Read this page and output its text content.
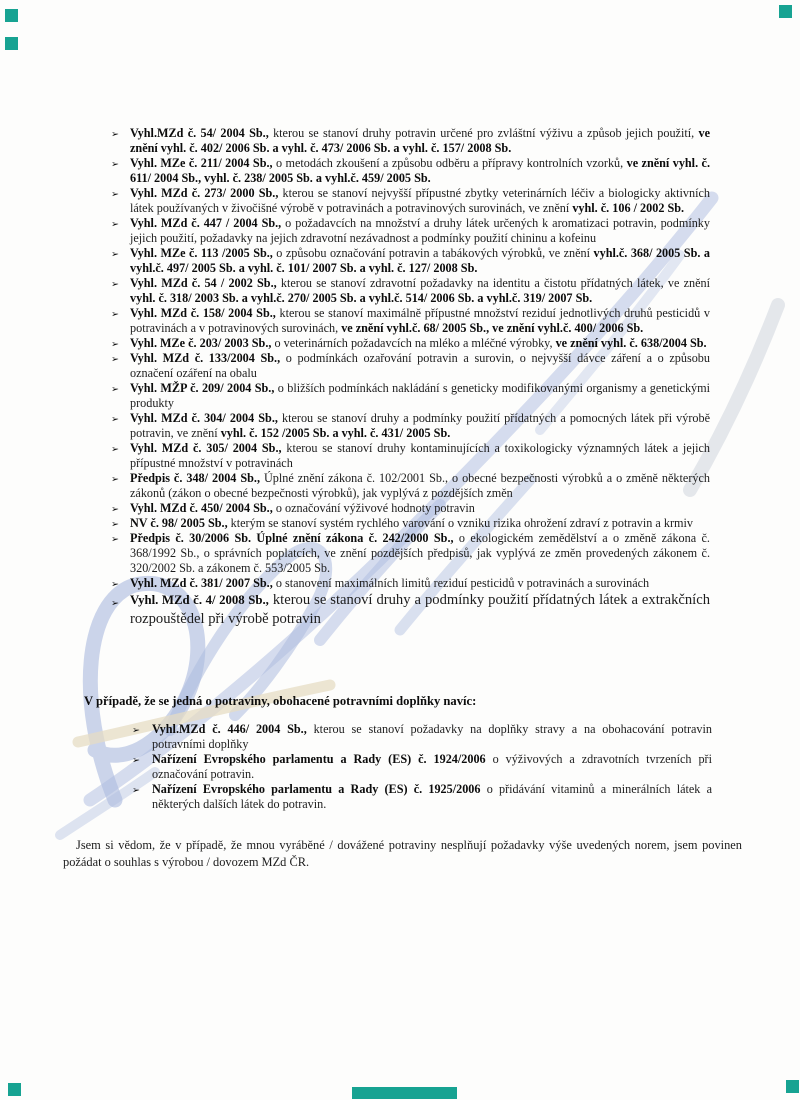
➢ Vyhl.MZd č. 54/ 2004 Sb., kterou se stanoví druhy potravin určené pro zvláštní výživu a způsob jejich použití, ve znění vyhl. č. 402/ 2006 Sb. a vyhl. č. 473/ 2006 Sb. a vyhl. č. 157/ 2008 Sb.
➢ Vyhl. MZe č. 211/ 2004 Sb., o metodách zkoušení a způsobu odběru a přípravy kontrolních vzorků, ve znění vyhl. č. 611/ 2004 Sb., vyhl. č. 238/ 2005 Sb. a vyhl.č. 459/ 2005 Sb.
➢ Vyhl. MZd č. 273/ 2000 Sb., kterou se stanoví nejvyšší přípustné zbytky veterinárních léčiv a biologicky aktivních látek používaných v živočišné výrobě v potravinách a potravinových surovinách, ve znění vyhl. č. 106 / 2002 Sb.
➢ Vyhl. MZd č. 447 / 2004 Sb., o požadavcích na množství a druhy látek určených k aromatizaci potravin, podmínky jejich použití, požadavky na jejich zdravotní nezávadnost a podmínky použití chininu a kofeinu
➢ Vyhl. MZe č. 113 /2005 Sb., o způsobu označování potravin a tabákových výrobků, ve znění vyhl.č. 368/ 2005 Sb. a vyhl.č. 497/ 2005 Sb. a vyhl. č. 101/ 2007 Sb. a vyhl. č. 127/ 2008 Sb.
➢ Vyhl. MZd č. 54 / 2002 Sb., kterou se stanoví zdravotní požadavky na identitu a čistotu přídatných látek, ve znění vyhl. č. 318/ 2003 Sb. a vyhl.č. 270/ 2005 Sb. a vyhl.č. 514/ 2006 Sb. a vyhl.č. 319/ 2007 Sb.
➢ Vyhl. MZd č. 158/ 2004 Sb., kterou se stanoví maximálně přípustné množství reziduí jednotlivých druhů pesticidů v potravinách a v potravinových surovinách, ve znění vyhl.č. 68/ 2005 Sb., ve znění vyhl.č. 400/ 2006 Sb.
➢ Vyhl. MZe č. 203/ 2003 Sb., o veterinárních požadavcích na mléko a mléčné výrobky, ve znění vyhl. č. 638/2004 Sb.
➢ Vyhl. MZd č. 133/2004 Sb., o podmínkách ozařování potravin a surovin, o nejvyšší dávce záření a o způsobu označení ozáření na obalu
➢ Vyhl. MŽP č. 209/ 2004 Sb., o bližších podmínkách nakládání s geneticky modifikovanými organismy a genetickými produkty
➢ Vyhl. MZd č. 304/ 2004 Sb., kterou se stanoví druhy a podmínky použití přídatných a pomocných látek při výrobě potravin, ve znění vyhl. č. 152 /2005 Sb. a vyhl. č. 431/ 2005 Sb.
➢ Vyhl. MZd č. 305/ 2004 Sb., kterou se stanoví druhy kontaminujících a toxikologicky významných látek a jejich přípustné množství v potravinách
➢ Předpis č. 348/ 2004 Sb., Úplné znění zákona č. 102/2001 Sb., o obecné bezpečnosti výrobků a o změně některých zákonů (zákon o obecné bezpečnosti výrobků), jak vyplývá z pozdějších změn
➢ Vyhl. MZd č. 450/ 2004 Sb., o označování výživové hodnoty potravin
➢ NV č. 98/ 2005 Sb., kterým se stanoví systém rychlého varování o vzniku rizika ohrožení zdraví z potravin a krmiv
➢ Předpis č. 30/2006 Sb. Úplné znění zákona č. 242/2000 Sb., o ekologickém zemědělství a o změně zákona č. 368/1992 Sb., o správních poplatcích, ve znění pozdějších předpisů, jak vyplývá ze změn provedených zákonem č. 320/2002 Sb. a zákonem č. 553/2005 Sb.
➢ Vyhl. MZd č. 381/ 2007 Sb., o stanovení maximálních limitů reziduí pesticidů v potravinách a surovinách
➢ Vyhl. MZd č. 4/ 2008 Sb., kterou se stanoví druhy a podmínky použití přídatných látek a extrakčních rozpouštědel při výrobě potravin
V případě, že se jedná o potraviny, obohacené potravními doplňky navíc:
➢ Vyhl.MZd č. 446/ 2004 Sb., kterou se stanoví požadavky na doplňky stravy a na obohacování potravin potravními doplňky
➢ Nařízení Evropského parlamentu a Rady (ES) č. 1924/2006 o výživových a zdravotních tvrzeních při označování potravin.
➢ Nařízení Evropského parlamentu a Rady (ES) č. 1925/2006 o přidávání vitaminů a minerálních látek a některých dalších látek do potravin.

Jsem si vědom, že v případě, že mnou vyráběné / dovážené potraviny nesplňují požadavky výše uvedených norem, jsem povinen požádat o souhlas s výrobou / dovozem MZd ČR.
